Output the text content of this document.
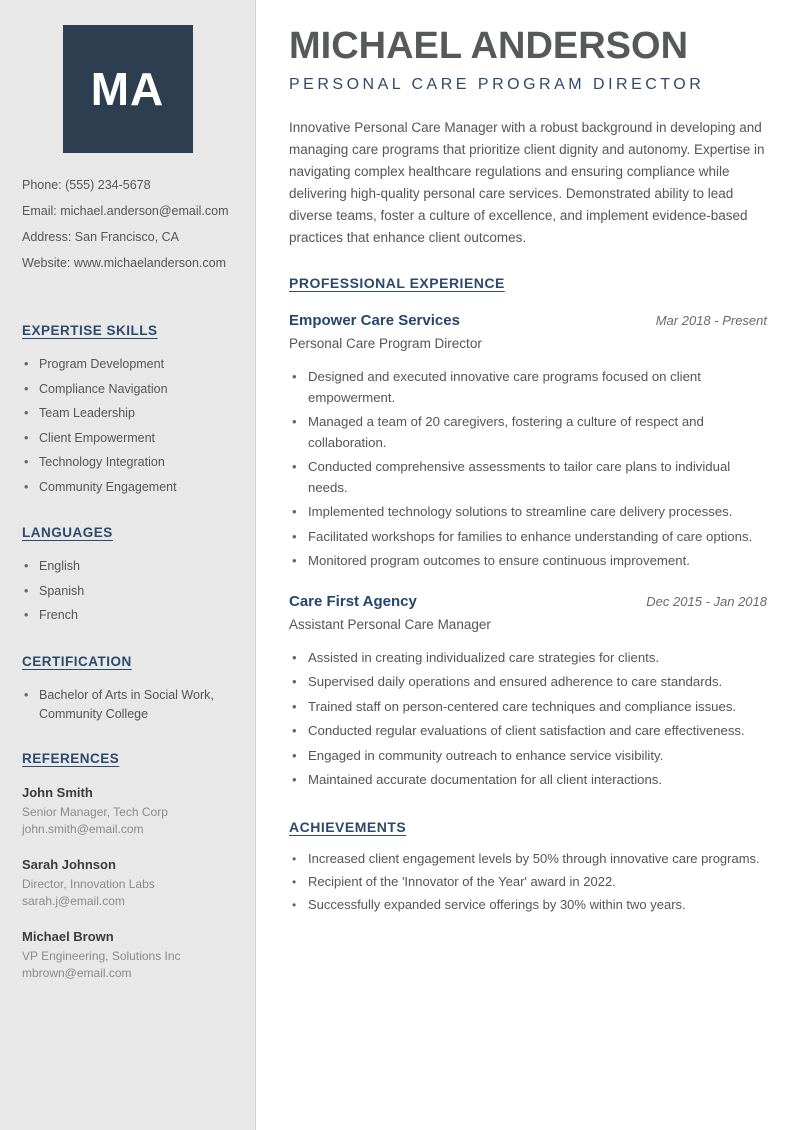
MA
Phone: (555) 234-5678
Email: michael.anderson@email.com
Address: San Francisco, CA
Website: www.michaelanderson.com
EXPERTISE SKILLS
• Program Development
• Compliance Navigation
• Team Leadership
• Client Empowerment
• Technology Integration
• Community Engagement
LANGUAGES
• English
• Spanish
• French
CERTIFICATION
• Bachelor of Arts in Social Work, Community College
REFERENCES
John Smith
Senior Manager, Tech Corp
john.smith@email.com
Sarah Johnson
Director, Innovation Labs
sarah.j@email.com
Michael Brown
VP Engineering, Solutions Inc
mbrown@email.com
MICHAEL ANDERSON
PERSONAL CARE PROGRAM DIRECTOR

Innovative Personal Care Manager with a robust background in developing and managing care programs that prioritize client dignity and autonomy. Expertise in navigating complex healthcare regulations and ensuring compliance while delivering high-quality personal care services. Demonstrated ability to lead diverse teams, foster a culture of excellence, and implement evidence-based practices that enhance client outcomes.

PROFESSIONAL EXPERIENCE
Empower Care Services	Mar 2018 - Present
Personal Care Program Director
• Designed and executed innovative care programs focused on client empowerment.
• Managed a team of 20 caregivers, fostering a culture of respect and collaboration.
• Conducted comprehensive assessments to tailor care plans to individual needs.
• Implemented technology solutions to streamline care delivery processes.
• Facilitated workshops for families to enhance understanding of care options.
• Monitored program outcomes to ensure continuous improvement.
Care First Agency	Dec 2015 - Jan 2018
Assistant Personal Care Manager
• Assisted in creating individualized care strategies for clients.
• Supervised daily operations and ensured adherence to care standards.
• Trained staff on person-centered care techniques and compliance issues.
• Conducted regular evaluations of client satisfaction and care effectiveness.
• Engaged in community outreach to enhance service visibility.
• Maintained accurate documentation for all client interactions.
ACHIEVEMENTS
• Increased client engagement levels by 50% through innovative care programs.
• Recipient of the 'Innovator of the Year' award in 2022.
• Successfully expanded service offerings by 30% within two years.
